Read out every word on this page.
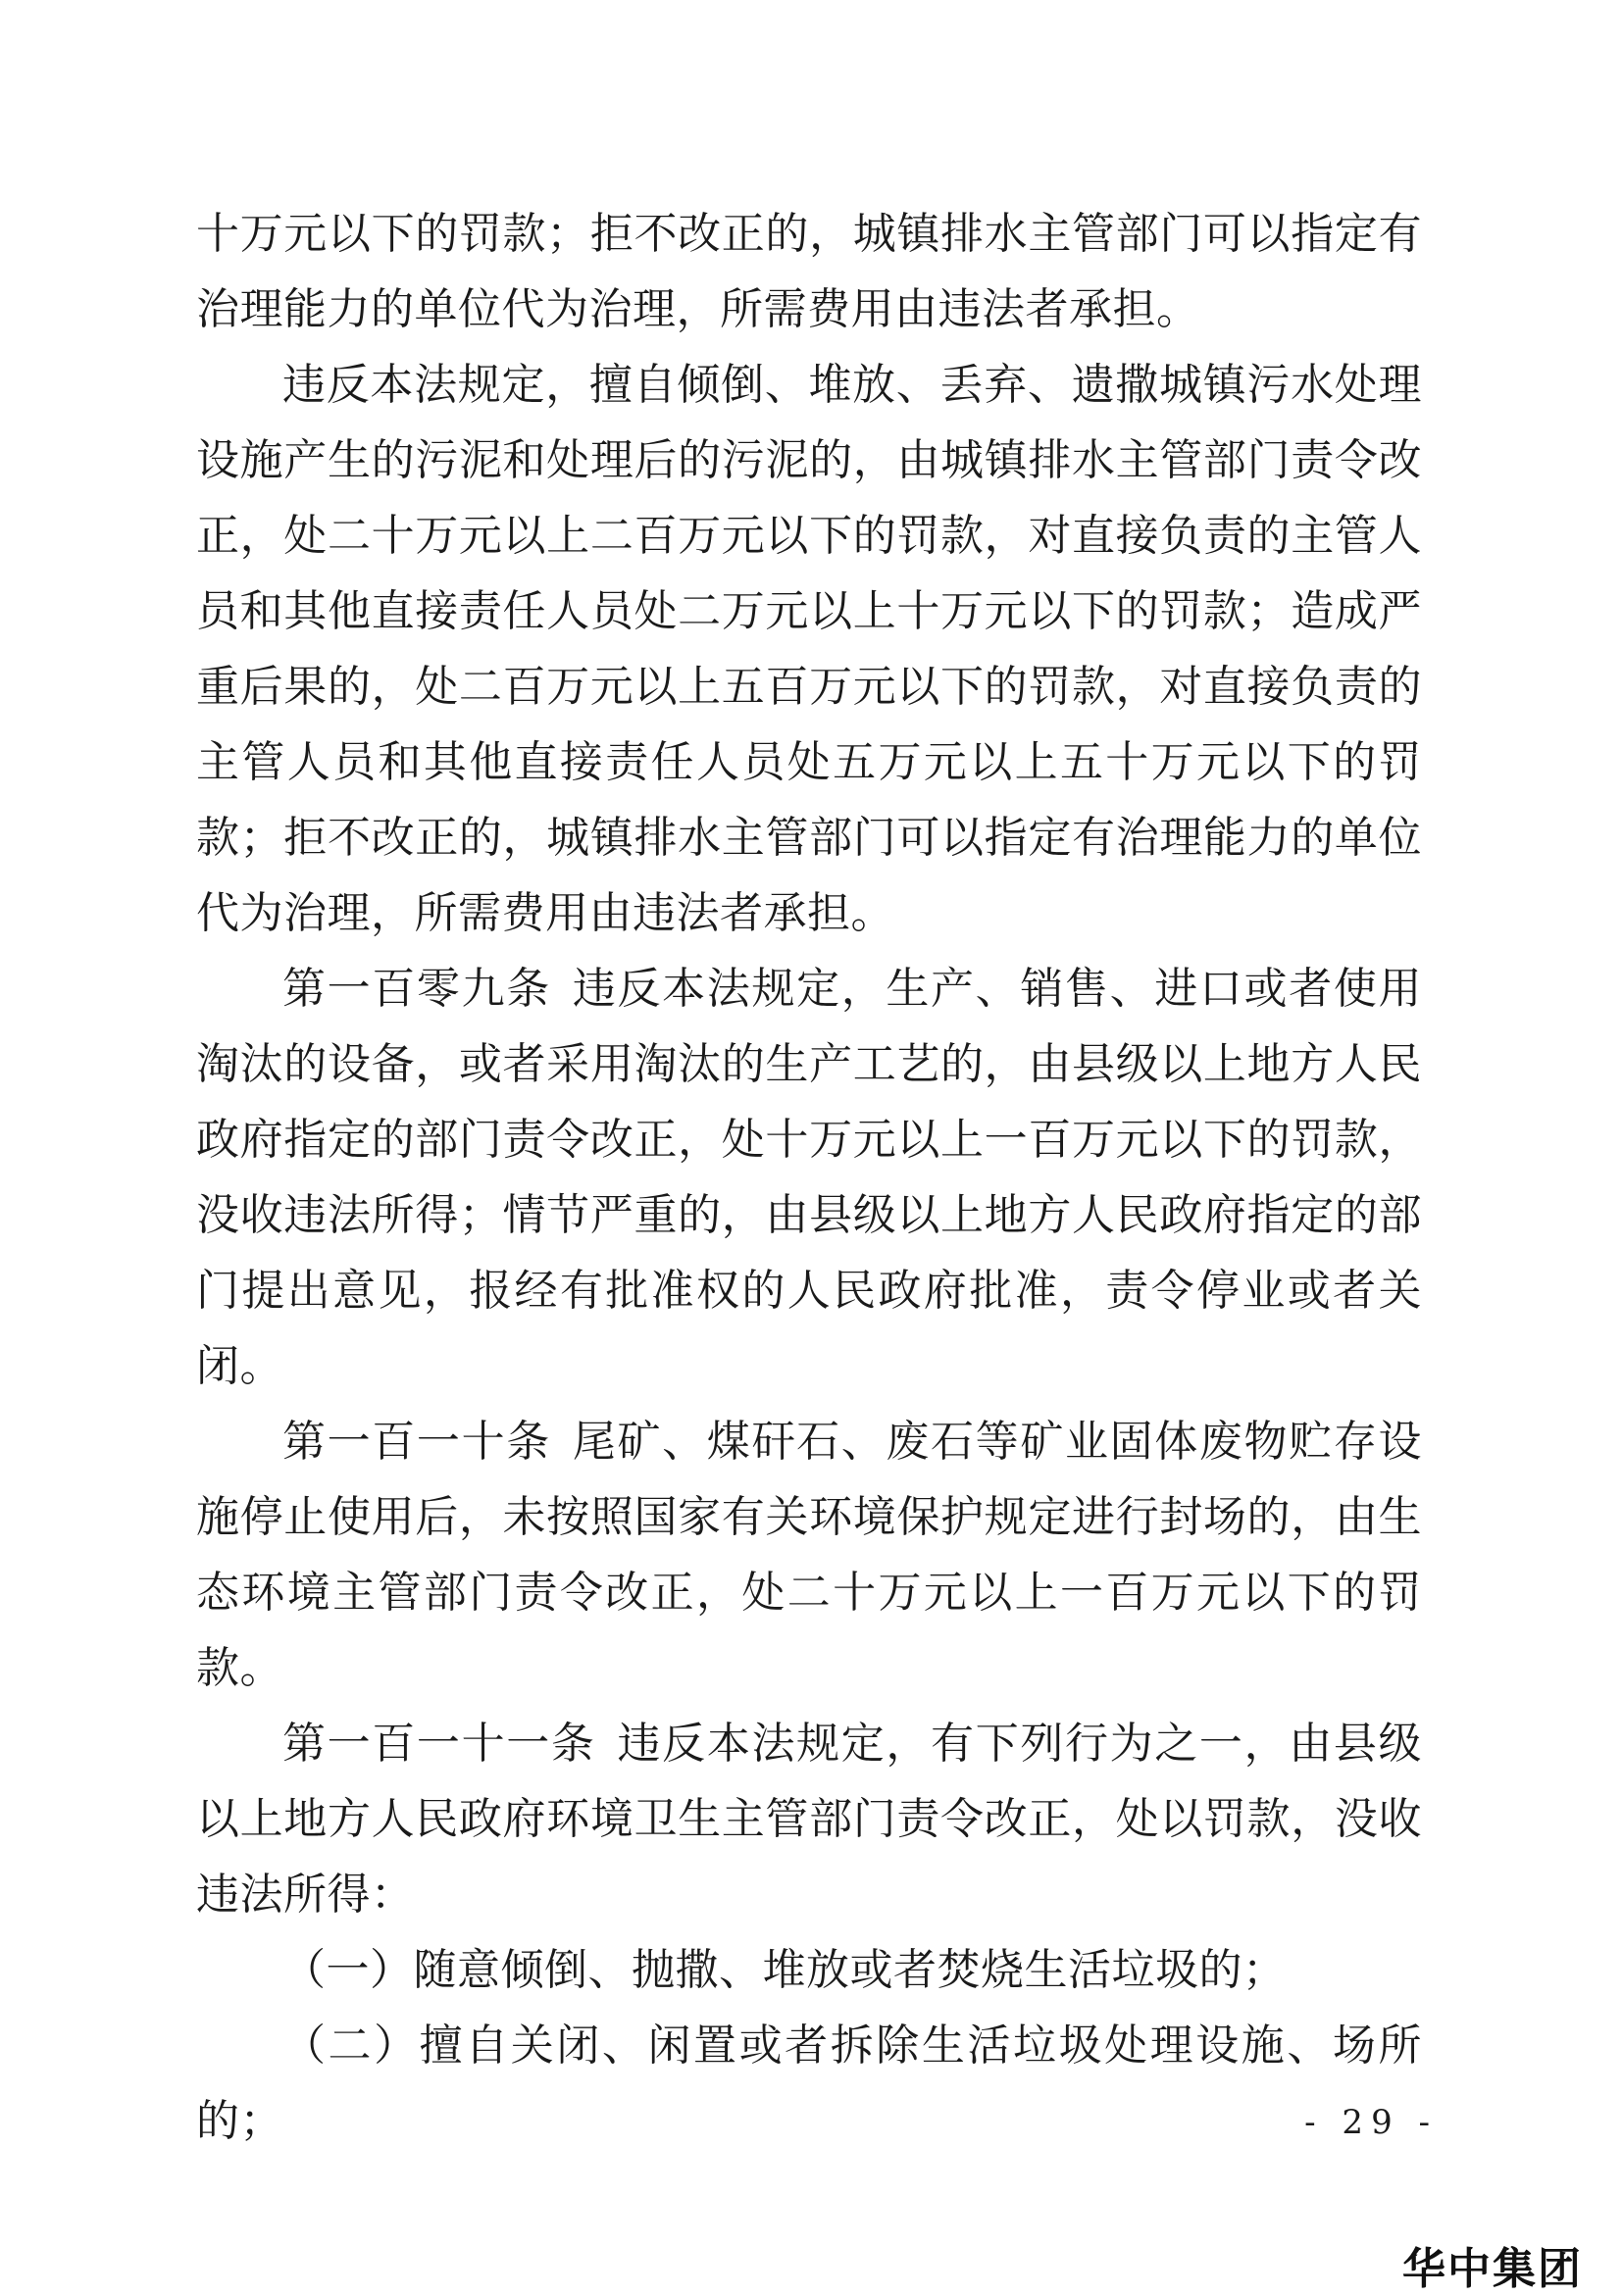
十万元以下的罚款；拒不改正的，城镇排水主管部门可以指定有治理能力的单位代为治理，所需费用由违法者承担。

违反本法规定，擅自倾倒、堆放、丢弃、遗撒城镇污水处理设施产生的污泥和处理后的污泥的，由城镇排水主管部门责令改正，处二十万元以上二百万元以下的罚款，对直接负责的主管人员和其他直接责任人员处二万元以上十万元以下的罚款；造成严重后果的，处二百万元以上五百万元以下的罚款，对直接负责的主管人员和其他直接责任人员处五万元以上五十万元以下的罚款；拒不改正的，城镇排水主管部门可以指定有治理能力的单位代为治理，所需费用由违法者承担。

第一百零九条 违反本法规定，生产、销售、进口或者使用淘汰的设备，或者采用淘汰的生产工艺的，由县级以上地方人民政府指定的部门责令改正，处十万元以上一百万元以下的罚款，没收违法所得；情节严重的，由县级以上地方人民政府指定的部门提出意见，报经有批准权的人民政府批准，责令停业或者关闭。

第一百一十条 尾矿、煤矸石、废石等矿业固体废物贮存设施停止使用后，未按照国家有关环境保护规定进行封场的，由生态环境主管部门责令改正，处二十万元以上一百万元以下的罚款。

第一百一十一条 违反本法规定，有下列行为之一，由县级以上地方人民政府环境卫生主管部门责令改正，处以罚款，没收违法所得：

（一）随意倾倒、抛撒、堆放或者焚烧生活垃圾的；

（二）擅自关闭、闲置或者拆除生活垃圾处理设施、场所的；	- 29 -
华中集团
